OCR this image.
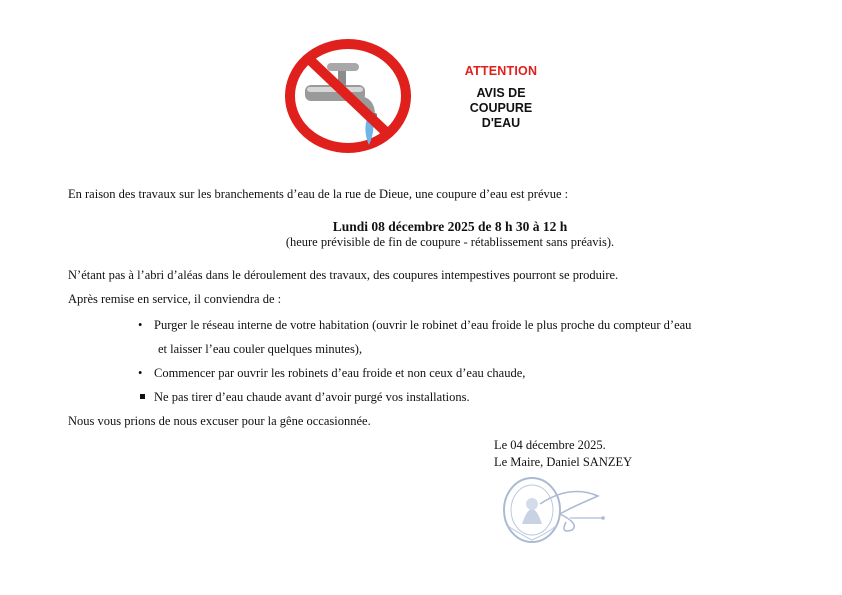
ATTENTION
AVIS DE
COUPURE
D'EAU
En raison des travaux sur les branchements d’eau de la rue de Dieue, une coupure d’eau est prévue :
Lundi 08 décembre 2025 de 8 h 30 à 12 h
(heure prévisible de fin de coupure - rétablissement sans préavis).
N’étant pas à l’abri d’aléas dans le déroulement des travaux, des coupures intempestives pourront se produire.
Après remise en service, il conviendra de :
• Purger le réseau interne de votre habitation (ouvrir le robinet d’eau froide le plus proche du compteur d’eau
et laisser l’eau couler quelques minutes),
• Commencer par ouvrir les robinets d’eau froide et non ceux d’eau chaude,
Ne pas tirer d’eau chaude avant d’avoir purgé vos installations.
Nous vous prions de nous excuser pour la gêne occasionnée.
Le 04 décembre 2025.
Le Maire, Daniel SANZEY
